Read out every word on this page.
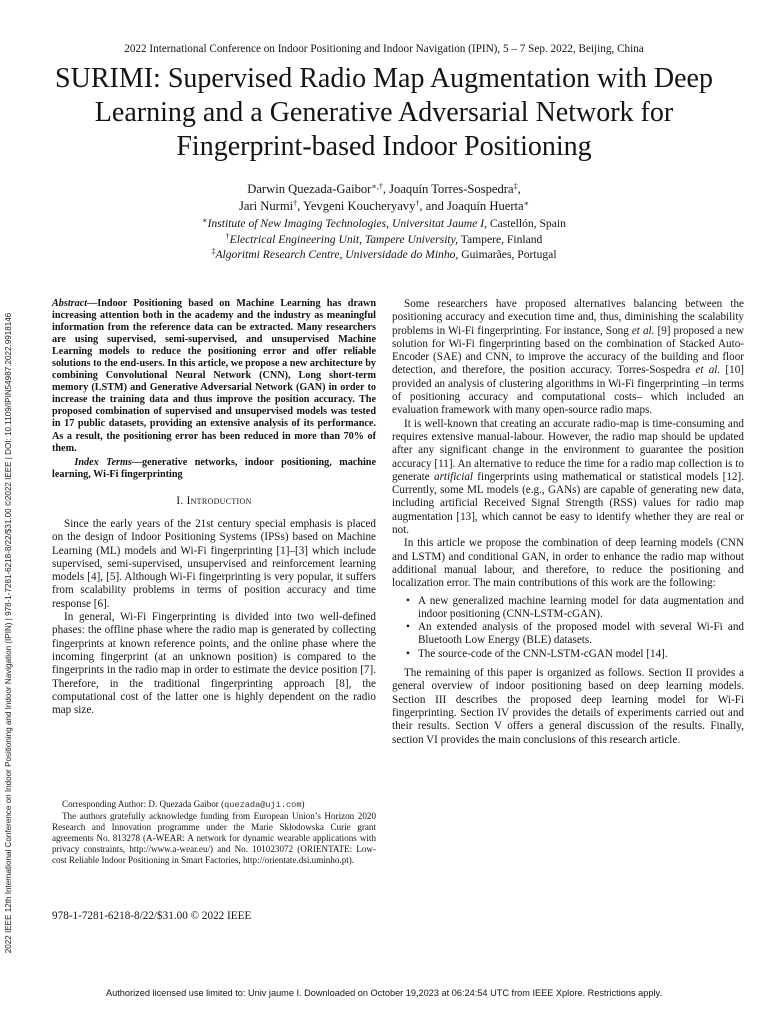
2022 International Conference on Indoor Positioning and Indoor Navigation (IPIN), 5 – 7 Sep. 2022, Beijing, China
SURIMI: Supervised Radio Map Augmentation with Deep Learning and a Generative Adversarial Network for Fingerprint-based Indoor Positioning
Darwin Quezada-Gaibor∗,†, Joaquín Torres-Sospedra‡,
Jari Nurmi†, Yevgeni Koucheryavy†, and Joaquín Huerta∗
∗Institute of New Imaging Technologies, Universitat Jaume I, Castellón, Spain
†Electrical Engineering Unit, Tampere University, Tampere, Finland
‡Algoritmi Research Centre, Universidade do Minho, Guimarães, Portugal
2022 IEEE 12th International Conference on Indoor Positioning and Indoor Navigation (IPIN) | 978-1-7281-6218-8/22/$31.00 ©2022 IEEE | DOI: 10.1109/IPIN54987.2022.9918146
Abstract—Indoor Positioning based on Machine Learning has drawn increasing attention both in the academy and the industry as meaningful information from the reference data can be extracted. Many researchers are using supervised, semi-supervised, and unsupervised Machine Learning models to reduce the positioning error and offer reliable solutions to the end-users. In this article, we propose a new architecture by combining Convolutional Neural Network (CNN), Long short-term memory (LSTM) and Generative Adversarial Network (GAN) in order to increase the training data and thus improve the position accuracy. The proposed combination of supervised and unsupervised models was tested in 17 public datasets, providing an extensive analysis of its performance. As a result, the positioning error has been reduced in more than 70% of them.
Index Terms—generative networks, indoor positioning, machine learning, Wi-Fi fingerprinting
I. Introduction

Since the early years of the 21st century special emphasis is placed on the design of Indoor Positioning Systems (IPSs) based on Machine Learning (ML) models and Wi-Fi fingerprinting [1]–[3] which include supervised, semi-supervised, unsupervised and reinforcement learning models [4], [5]. Although Wi-Fi fingerprinting is very popular, it suffers from scalability problems in terms of position accuracy and time response [6].

In general, Wi-Fi Fingerprinting is divided into two well-defined phases: the offline phase where the radio map is generated by collecting fingerprints at known reference points, and the online phase where the incoming fingerprint (at an unknown position) is compared to the fingerprints in the radio map in order to estimate the device position [7]. Therefore, in the traditional fingerprinting approach [8], the computational cost of the latter one is highly dependent on the radio map size.

Corresponding Author: D. Quezada Gaibor (quezada@uji.com)
The authors gratefully acknowledge funding from European Union’s Horizon 2020 Research and Innovation programme under the Marie Skłodowska Curie grant agreements No. 813278 (A-WEAR: A network for dynamic wearable applications with privacy constraints, http://www.a-wear.eu/) and No. 101023072 (ORIENTATE: Low-cost Reliable Indoor Positioning in Smart Factories, http://orientate.dsi.uminho.pt).
978-1-7281-6218-8/22/$31.00 © 2022 IEEE

Some researchers have proposed alternatives balancing between the positioning accuracy and execution time and, thus, diminishing the scalability problems in Wi-Fi fingerprinting. For instance, Song et al. [9] proposed a new solution for Wi-Fi fingerprinting based on the combination of Stacked Auto-Encoder (SAE) and CNN, to improve the accuracy of the building and floor detection, and therefore, the position accuracy. Torres-Sospedra et al. [10] provided an analysis of clustering algorithms in Wi-Fi fingerprinting –in terms of positioning accuracy and computational costs– which included an evaluation framework with many open-source radio maps.

It is well-known that creating an accurate radio-map is time-consuming and requires extensive manual-labour. However, the radio map should be updated after any significant change in the environment to guarantee the position accuracy [11]. An alternative to reduce the time for a radio map collection is to generate artificial fingerprints using mathematical or statistical models [12]. Currently, some ML models (e.g., GANs) are capable of generating new data, including artificial Received Signal Strength (RSS) values for radio map augmentation [13], which cannot be easy to identify whether they are real or not.

In this article we propose the combination of deep learning models (CNN and LSTM) and conditional GAN, in order to enhance the radio map without additional manual labour, and therefore, to reduce the positioning and localization error. The main contributions of this work are the following:

• A new generalized machine learning model for data augmentation and indoor positioning (CNN-LSTM-cGAN).
• An extended analysis of the proposed model with several Wi-Fi and Bluetooth Low Energy (BLE) datasets.
• The source-code of the CNN-LSTM-cGAN model [14].

The remaining of this paper is organized as follows. Section II provides a general overview of indoor positioning based on deep learning models. Section III describes the proposed deep learning model for Wi-Fi fingerprinting. Section IV provides the details of experiments carried out and their results. Section V offers a general discussion of the results. Finally, section VI provides the main conclusions of this research article.

Authorized licensed use limited to: Univ jaume I. Downloaded on October 19,2023 at 06:24:54 UTC from IEEE Xplore. Restrictions apply.
